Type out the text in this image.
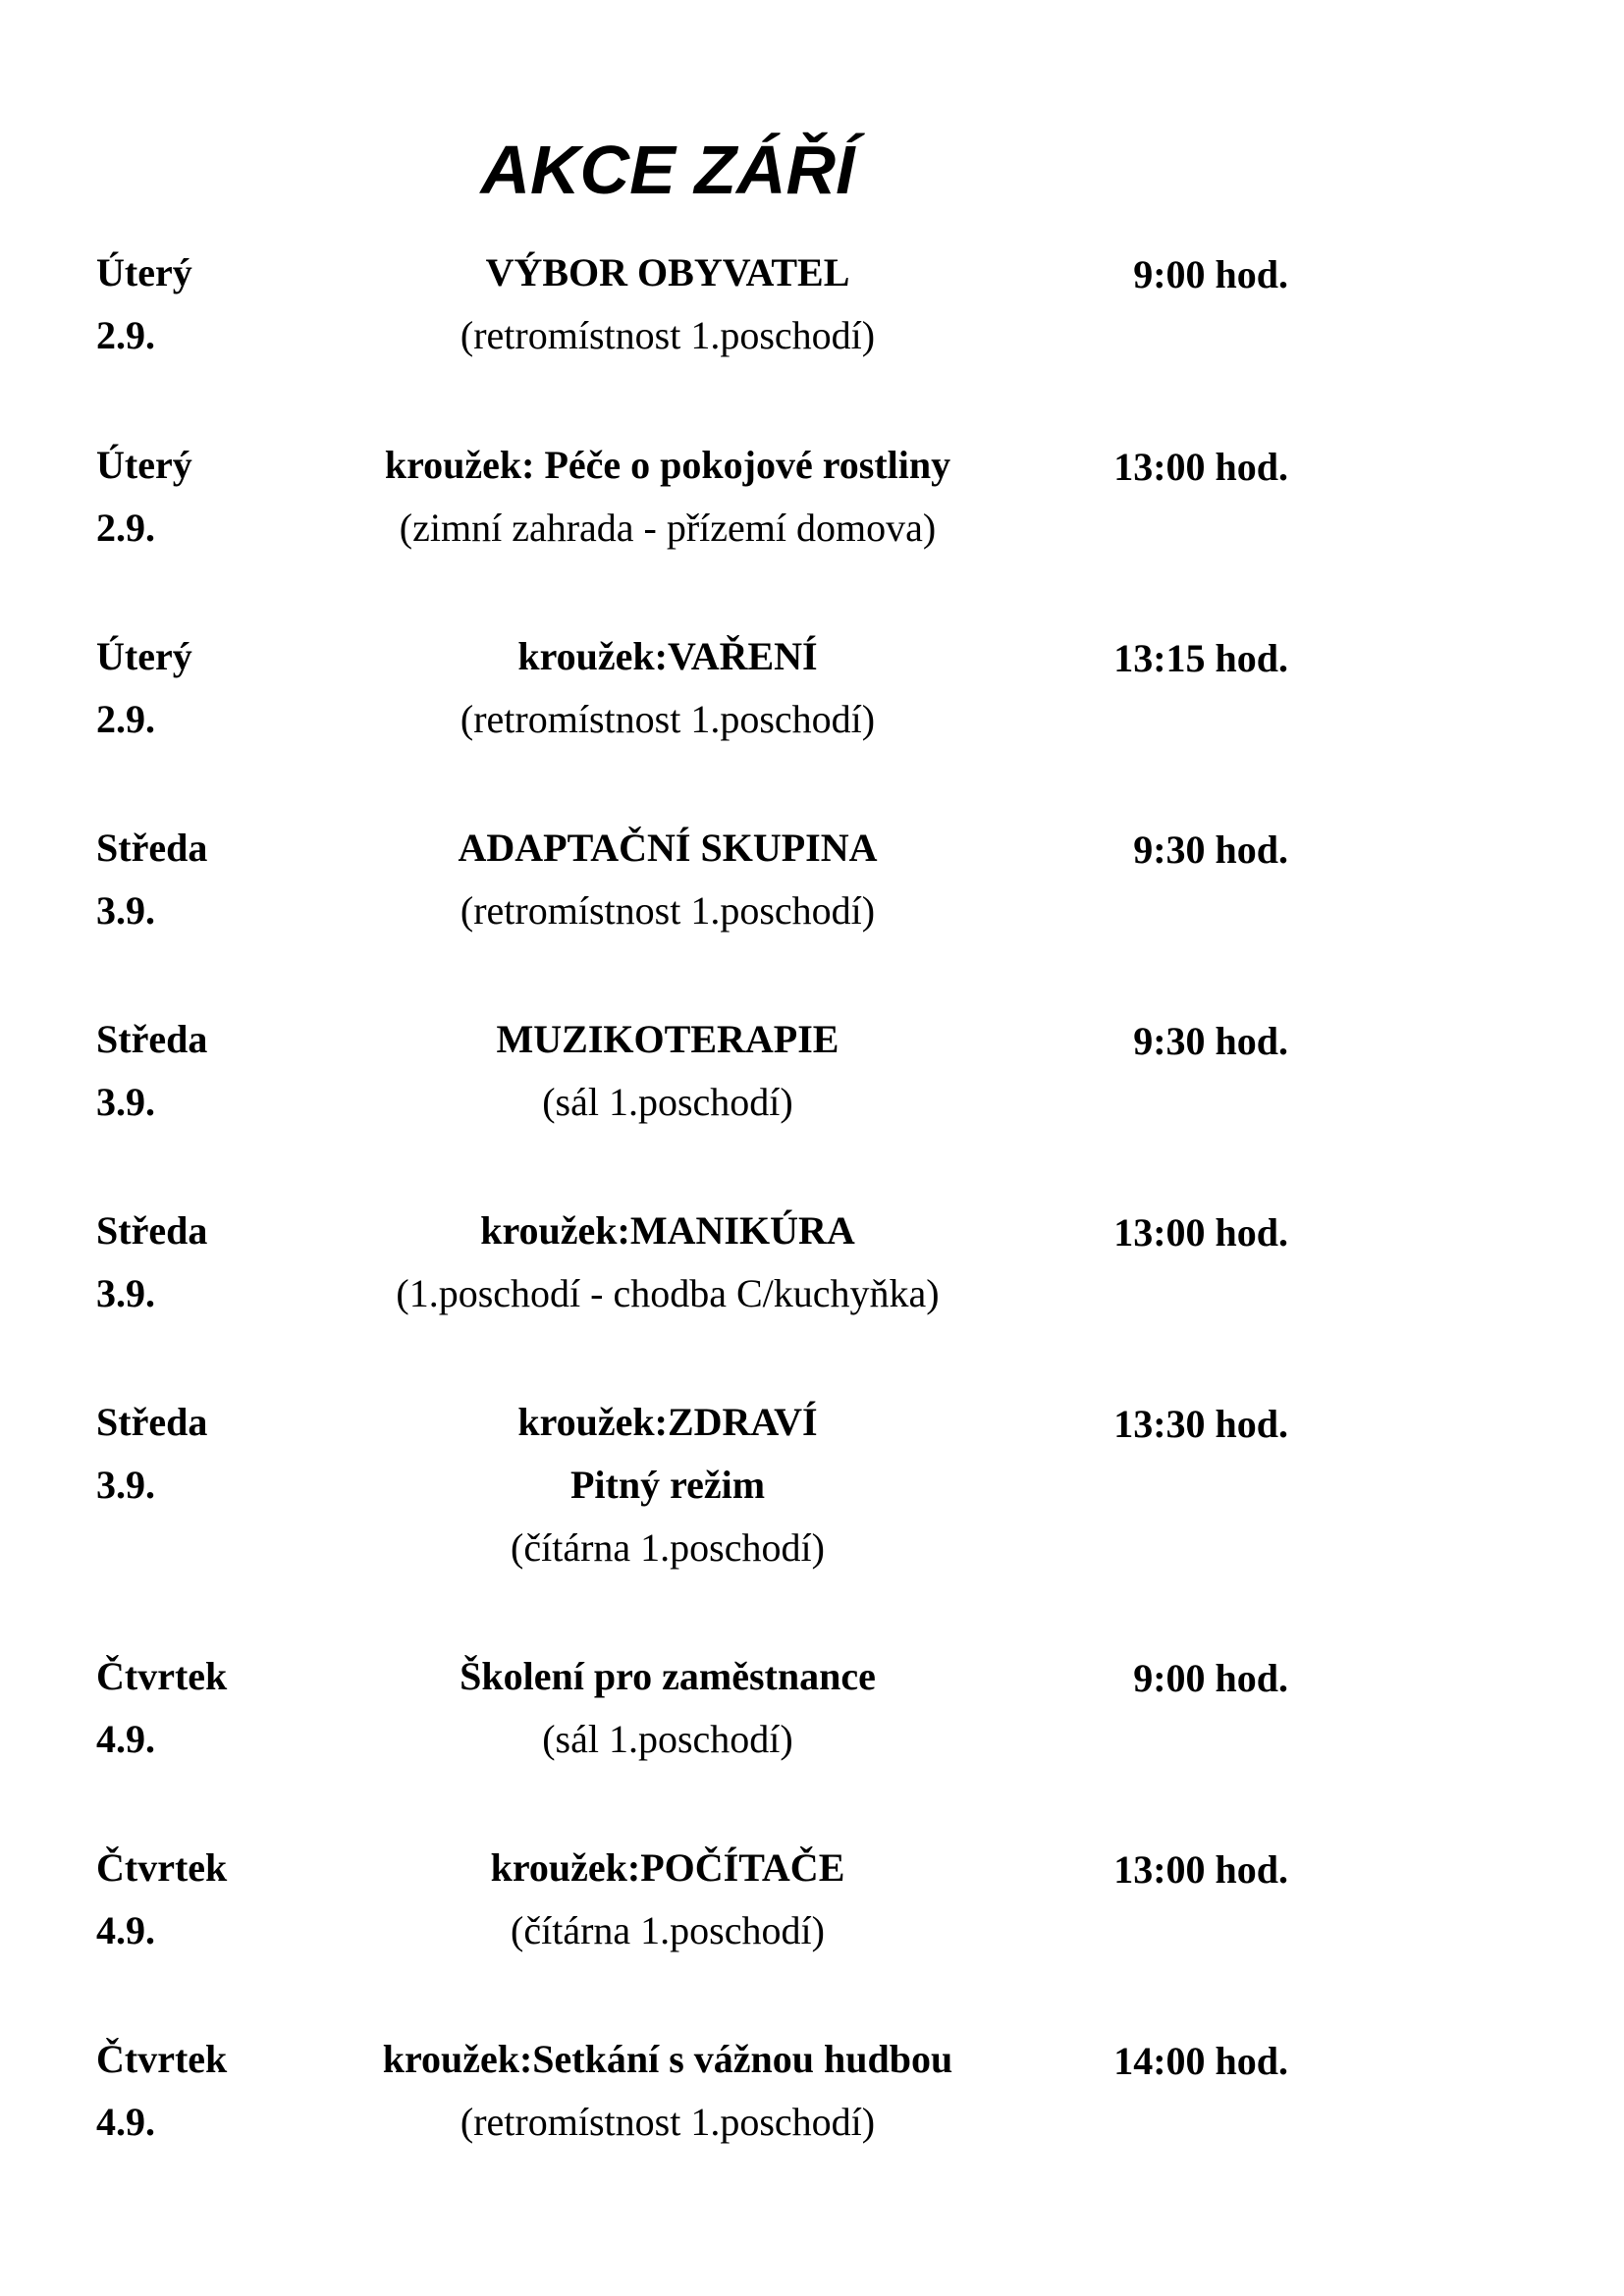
AKCE ZÁŘÍ
Úterý
2.9.
VÝBOR OBYVATEL
(retromístnost 1.poschodí)
9:00 hod.
Úterý
2.9.
kroužek: Péče o pokojové rostliny
(zimní zahrada - přízemí domova)
13:00 hod.
Úterý
2.9.
kroužek:VAŘENÍ
(retromístnost 1.poschodí)
13:15 hod.
Středa
3.9.
ADAPTAČNÍ SKUPINA
(retromístnost 1.poschodí)
9:30 hod.
Středa
3.9.
MUZIKOTERAPIE
(sál 1.poschodí)
9:30 hod.
Středa
3.9.
kroužek:MANIKÚRA
(1.poschodí - chodba C/kuchyňka)
13:00 hod.
Středa
3.9.
kroužek:ZDRAVÍ
Pitný režim
(čítárna 1.poschodí)
13:30 hod.
Čtvrtek
4.9.
Školení pro zaměstnance
(sál 1.poschodí)
9:00 hod.
Čtvrtek
4.9.
kroužek:POČÍTAČE
(čítárna 1.poschodí)
13:00 hod.
Čtvrtek
4.9.
kroužek:Setkání s vážnou hudbou
(retromístnost 1.poschodí)
14:00 hod.
